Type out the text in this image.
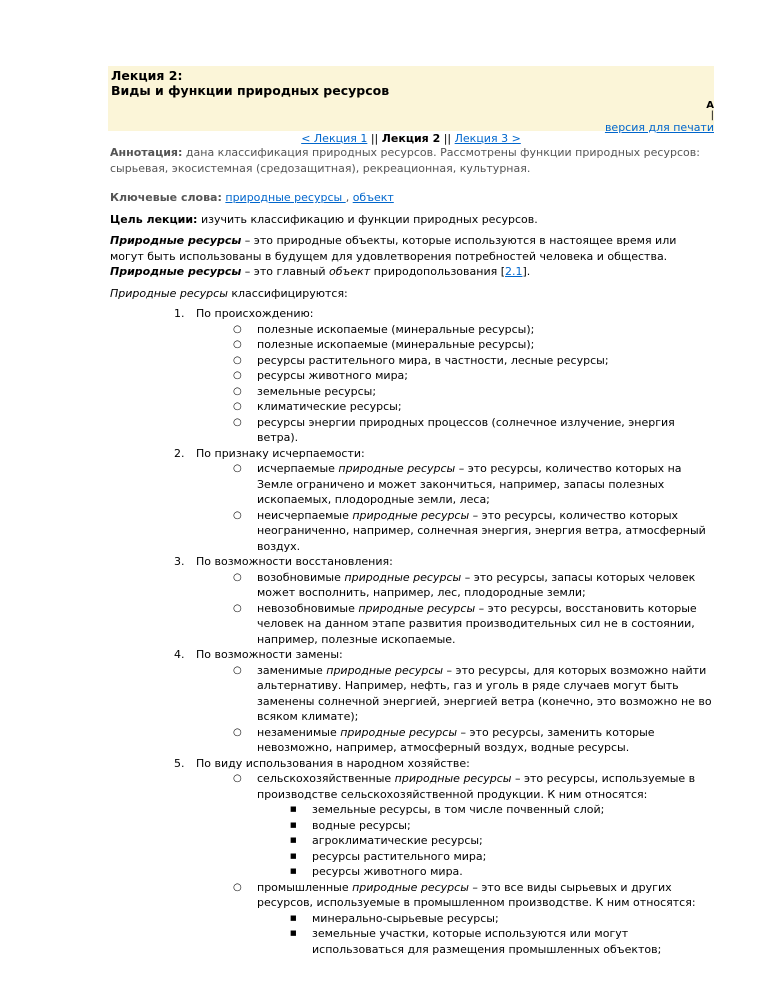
Лекция 2:
Виды и функции природных ресурсов
A
|
версия для печати
< Лекция 1 || Лекция 2 || Лекция 3 >

Аннотация: дана классификация природных ресурсов. Рассмотрены функции природных ресурсов: сырьевая, экосистемная (средозащитная), рекреационная, культурная.

Ключевые слова: природные ресурсы , объект

Цель лекции: изучить классификацию и функции природных ресурсов.

Природные ресурсы – это природные объекты, которые используются в настоящее время или могут быть использованы в будущем для удовлетворения потребностей человека и общества. Природные ресурсы – это главный объект природопользования [2.1].

Природные ресурсы классифицируются:

1. По происхождению:
○ полезные ископаемые (минеральные ресурсы);
○ полезные ископаемые (минеральные ресурсы);
○ ресурсы растительного мира, в частности, лесные ресурсы;
○ ресурсы животного мира;
○ земельные ресурсы;
○ климатические ресурсы;
○ ресурсы энергии природных процессов (солнечное излучение, энергия ветра).
2. По признаку исчерпаемости:
○ исчерпаемые природные ресурсы – это ресурсы, количество которых на Земле ограничено и может закончиться, например, запасы полезных ископаемых, плодородные земли, леса;
○ неисчерпаемые природные ресурсы – это ресурсы, количество которых неограниченно, например, солнечная энергия, энергия ветра, атмосферный воздух.
3. По возможности восстановления:
○ возобновимые природные ресурсы – это ресурсы, запасы которых человек может восполнить, например, лес, плодородные земли;
○ невозобновимые природные ресурсы – это ресурсы, восстановить которые человек на данном этапе развития производительных сил не в состоянии, например, полезные ископаемые.
4. По возможности замены:
○ заменимые природные ресурсы – это ресурсы, для которых возможно найти альтернативу. Например, нефть, газ и уголь в ряде случаев могут быть заменены солнечной энергией, энергией ветра (конечно, это возможно не во всяком климате);
○ незаменимые природные ресурсы – это ресурсы, заменить которые невозможно, например, атмосферный воздух, водные ресурсы.
5. По виду использования в народном хозяйстве:
○ сельскохозяйственные природные ресурсы – это ресурсы, используемые в производстве сельскохозяйственной продукции. К ним относятся:
■ земельные ресурсы, в том числе почвенный слой;
■ водные ресурсы;
■ агроклиматические ресурсы;
■ ресурсы растительного мира;
■ ресурсы животного мира.
○ промышленные природные ресурсы – это все виды сырьевых и других ресурсов, используемые в промышленном производстве. К ним относятся:
■ минерально-сырьевые ресурсы;
■ земельные участки, которые используются или могут использоваться для размещения промышленных объектов;
